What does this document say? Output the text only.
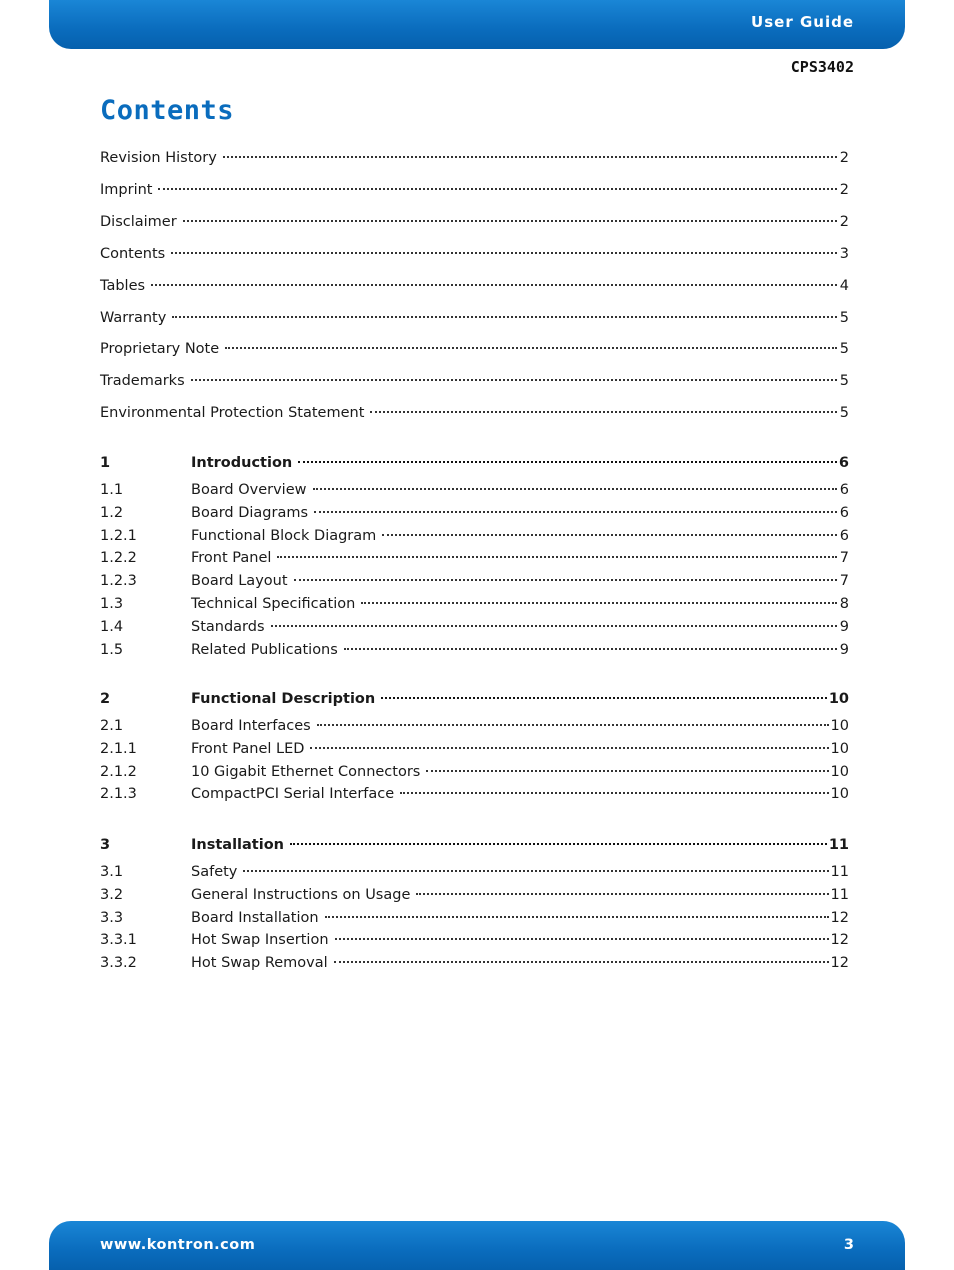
User Guide
CPS3402
Contents
Revision History	2
Imprint	2
Disclaimer	2
Contents	3
Tables	4
Warranty	5
Proprietary Note	5
Trademarks	5
Environmental Protection Statement	5
1	Introduction	6
1.1	Board Overview	6
1.2	Board Diagrams	6
1.2.1	Functional Block Diagram	6
1.2.2	Front Panel	7
1.2.3	Board Layout	7
1.3	Technical Specification	8
1.4	Standards	9
1.5	Related Publications	9
2	Functional Description	10
2.1	Board Interfaces	10
2.1.1	Front Panel LED	10
2.1.2	10 Gigabit Ethernet Connectors	10
2.1.3	CompactPCI Serial Interface	10
3	Installation	11
3.1	Safety	11
3.2	General Instructions on Usage	11
3.3	Board Installation	12
3.3.1	Hot Swap Insertion	12
3.3.2	Hot Swap Removal	12
www.kontron.com	3
